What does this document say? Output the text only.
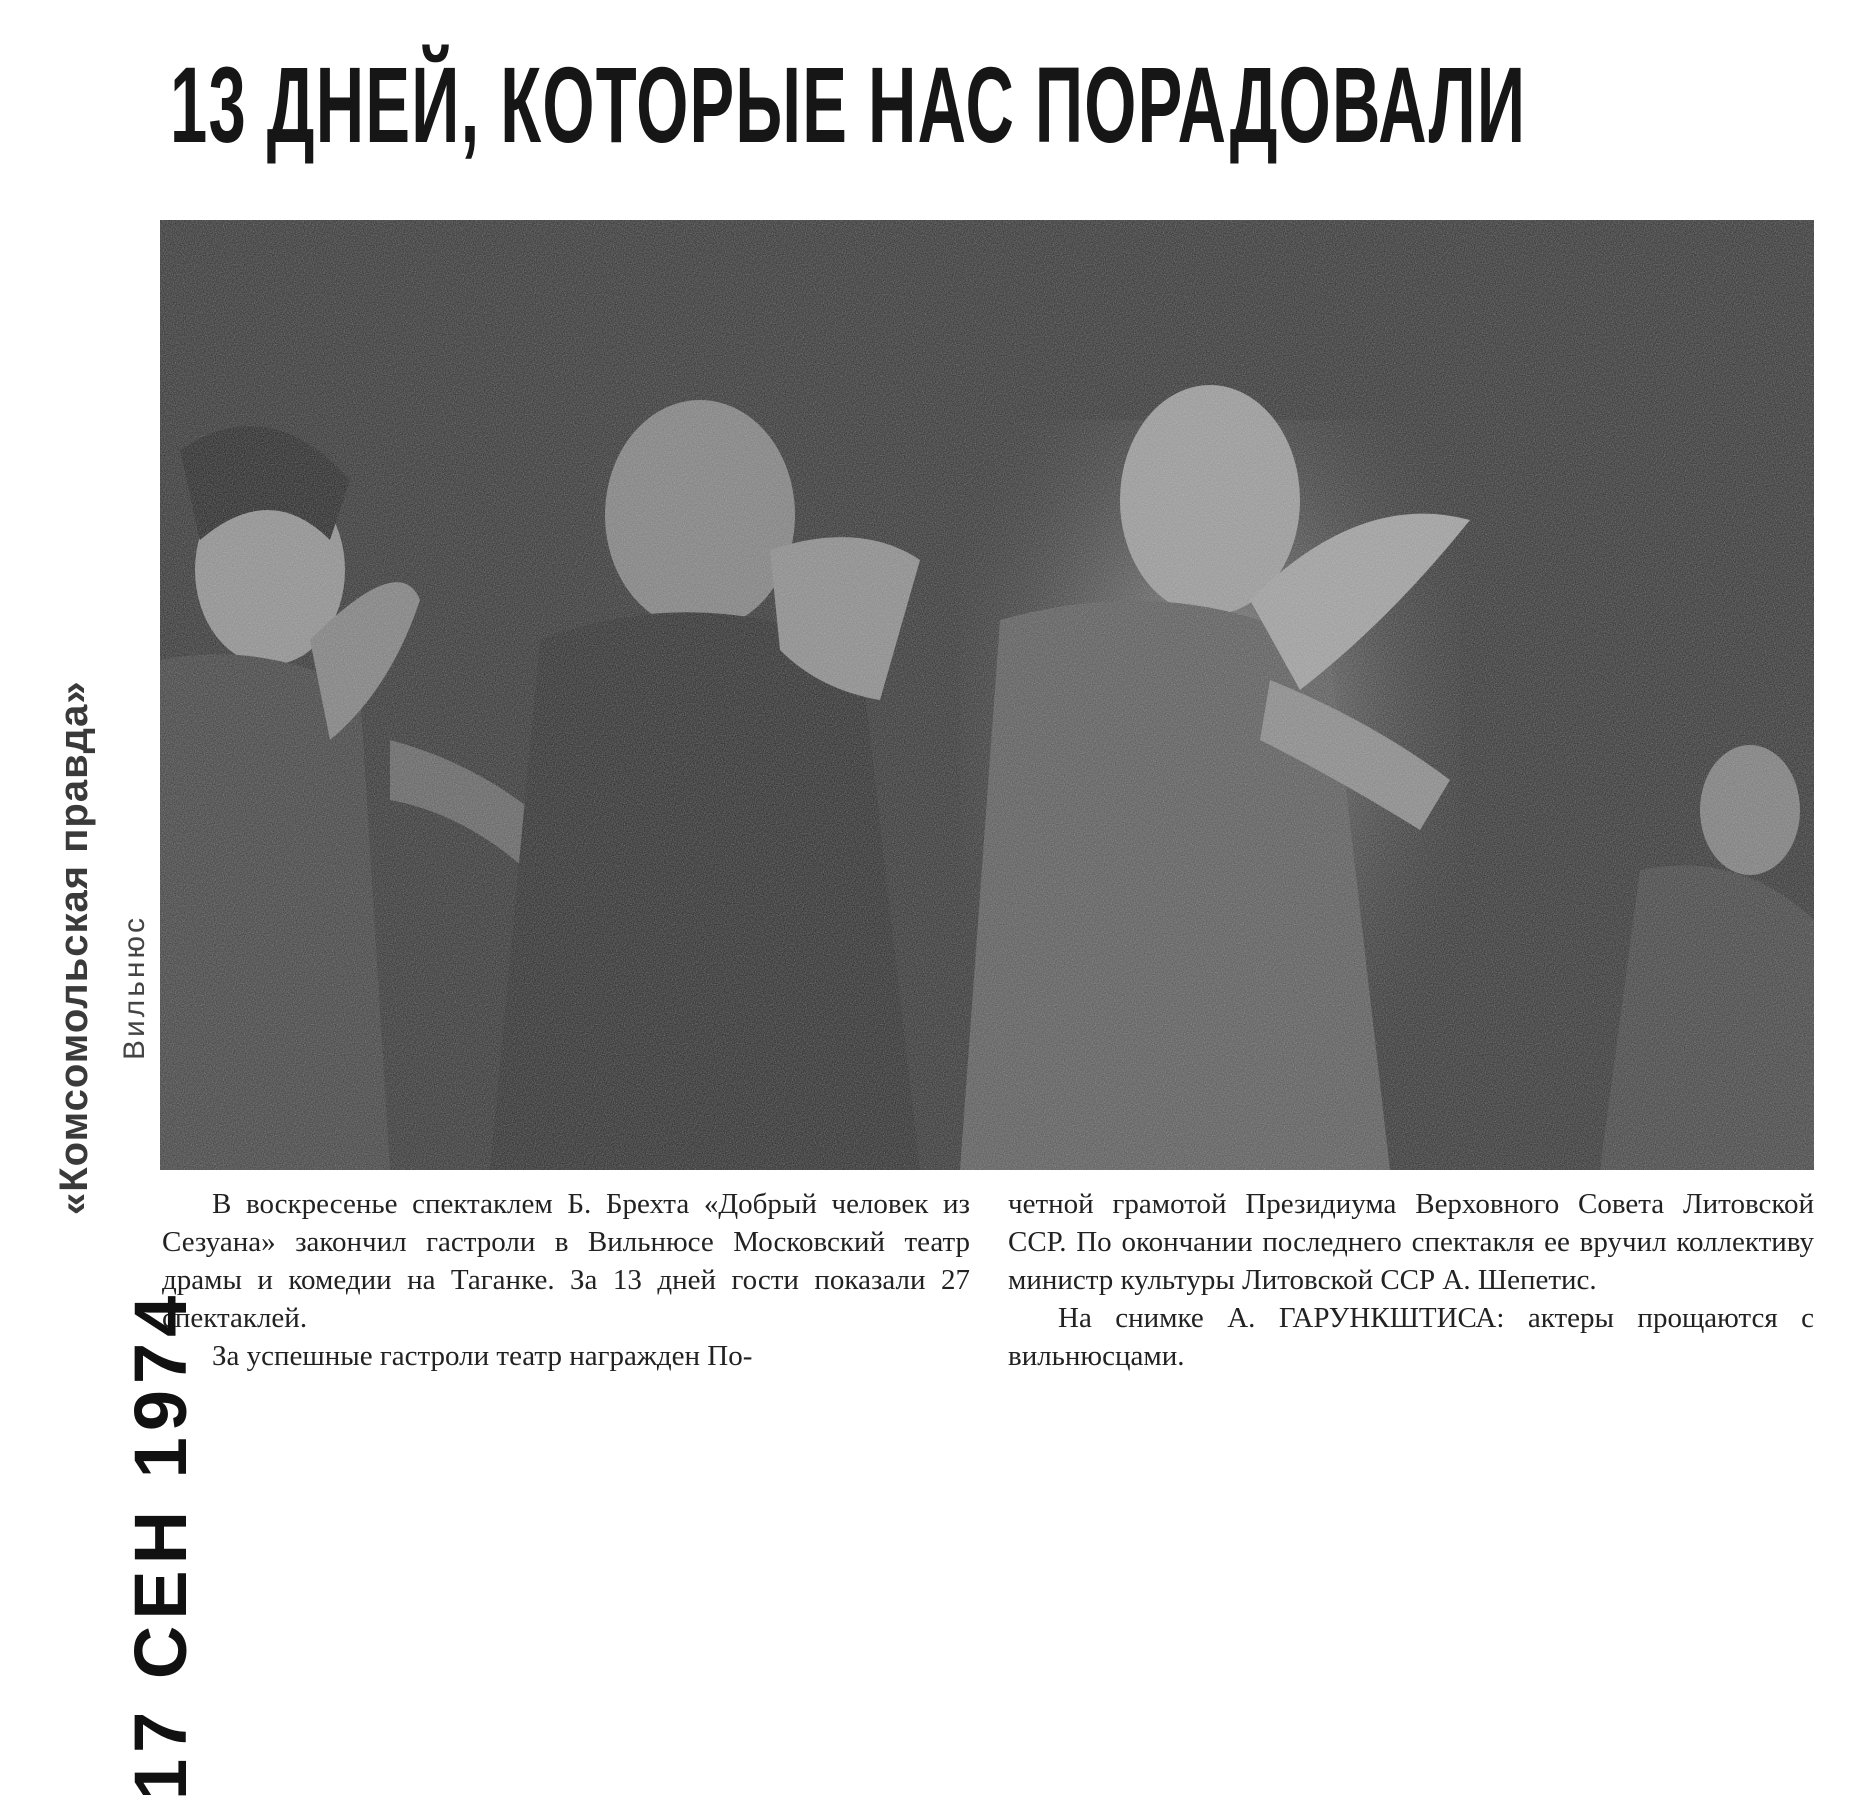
13 ДНЕЙ, КОТОРЫЕ НАС ПОРАДОВАЛИ

В воскресенье спектаклем Б. Брехта «Добрый человек из Сезуана» закончил гастроли в Вильнюсе Московский театр драмы и комедии на Таганке. За 13 дней гости показали 27 спектаклей.

За успешные гастроли театр награжден По-

четной грамотой Президиума Верховного Совета Литовской ССР. По окончании последнего спектакля ее вручил коллективу министр культуры Литовской ССР А. Шепетис.

На снимке А. ГАРУНКШТИСА: актеры прощаются с вильнюсцами.

«Комсомольская правда» Вильнюс
17 СЕН 1974
